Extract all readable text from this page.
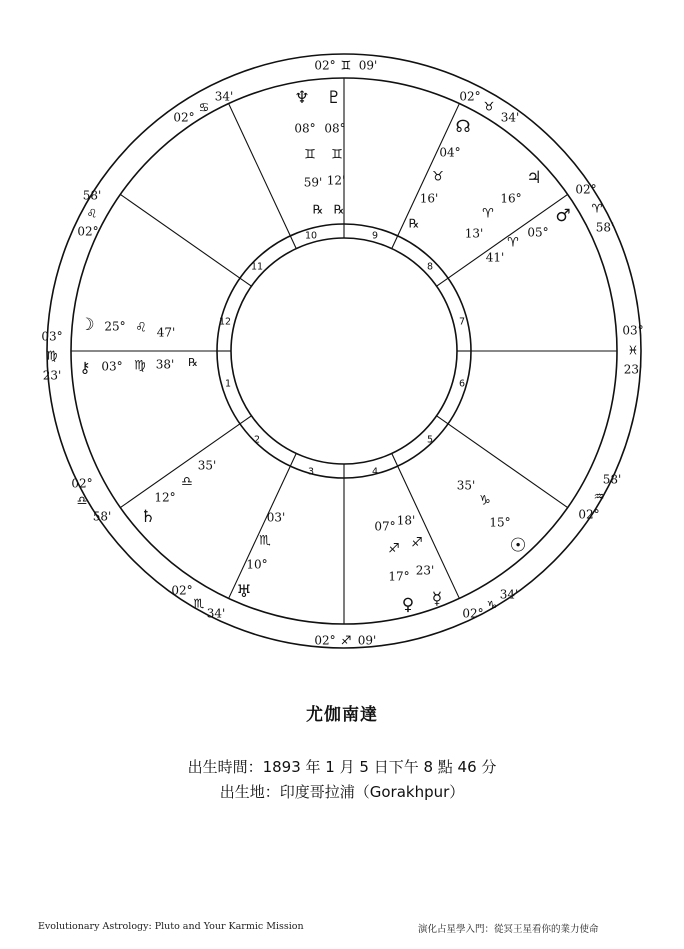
02° ♊ 09'
02°
♋
34'
02°
♌
58'
03°
♍
23'
02°
♎
58'
02°
♏
34'
02° ♐ 09'
02°
♑
34'
02°
♒
58'
03°
♓
23'
02°
♈
58'
02°
♉
34'
1
2
3	4
5
6
7
8
9
10
11
12
♆
08°
♊
59'
℞
♇
08°
♊
12'
℞
☊
04°
♉
16'
℞
♃
16°
♈
13'
♂
05°
♈
41'
☽ 25° ♌ 47'
⚷ 03° ♍ 38' ℞
♄
12°
♎
35'
♅
10°
♏
03'
♀
♐
07° 18'
☿
♐
17° 23'
☉
15°
♑
35'
尤伽南達
出生時間：1893 年 1 月 5 日下午 8 點 46 分
出生地：印度哥拉浦（Gorakhpur）
Evolutionary Astrology: Pluto and Your Karmic Mission	演化占星學入門：從冥王星看你的業力使命
